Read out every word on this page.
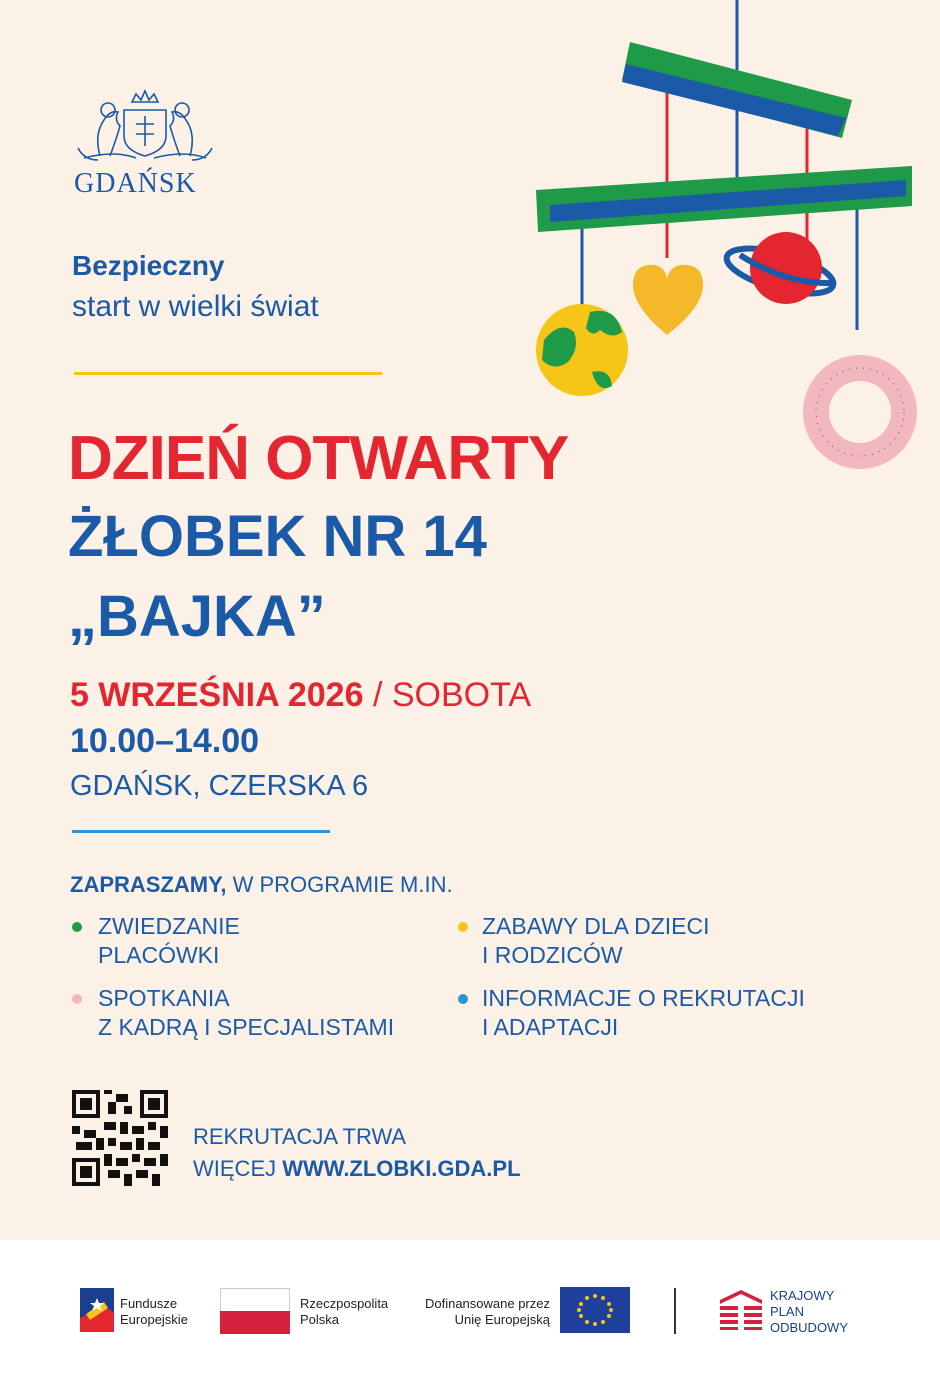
GDAŃSK
Bezpieczny
start w wielki świat
DZIEŃ OTWARTY
ŻŁOBEK NR 14
„BAJKA”
5 WRZEŚNIA 2026 / SOBOTA
10.00–14.00
GDAŃSK, CZERSKA 6
ZAPRASZAMY, W PROGRAMIE M.IN.
ZWIEDZANIE
PLACÓWKI
ZABAWY DLA DZIECI
I RODZICÓW
SPOTKANIA
Z KADRĄ I SPECJALISTAMI
INFORMACJE O REKRUTACJI
I ADAPTACJI
REKRUTACJA TRWA
WIĘCEJ WWW.ZLOBKI.GDA.PL
Fundusze
Europejskie
Rzeczpospolita
Polska
Dofinansowane przez
Unię Europejską
KRAJOWY
PLAN
ODBUDOWY
